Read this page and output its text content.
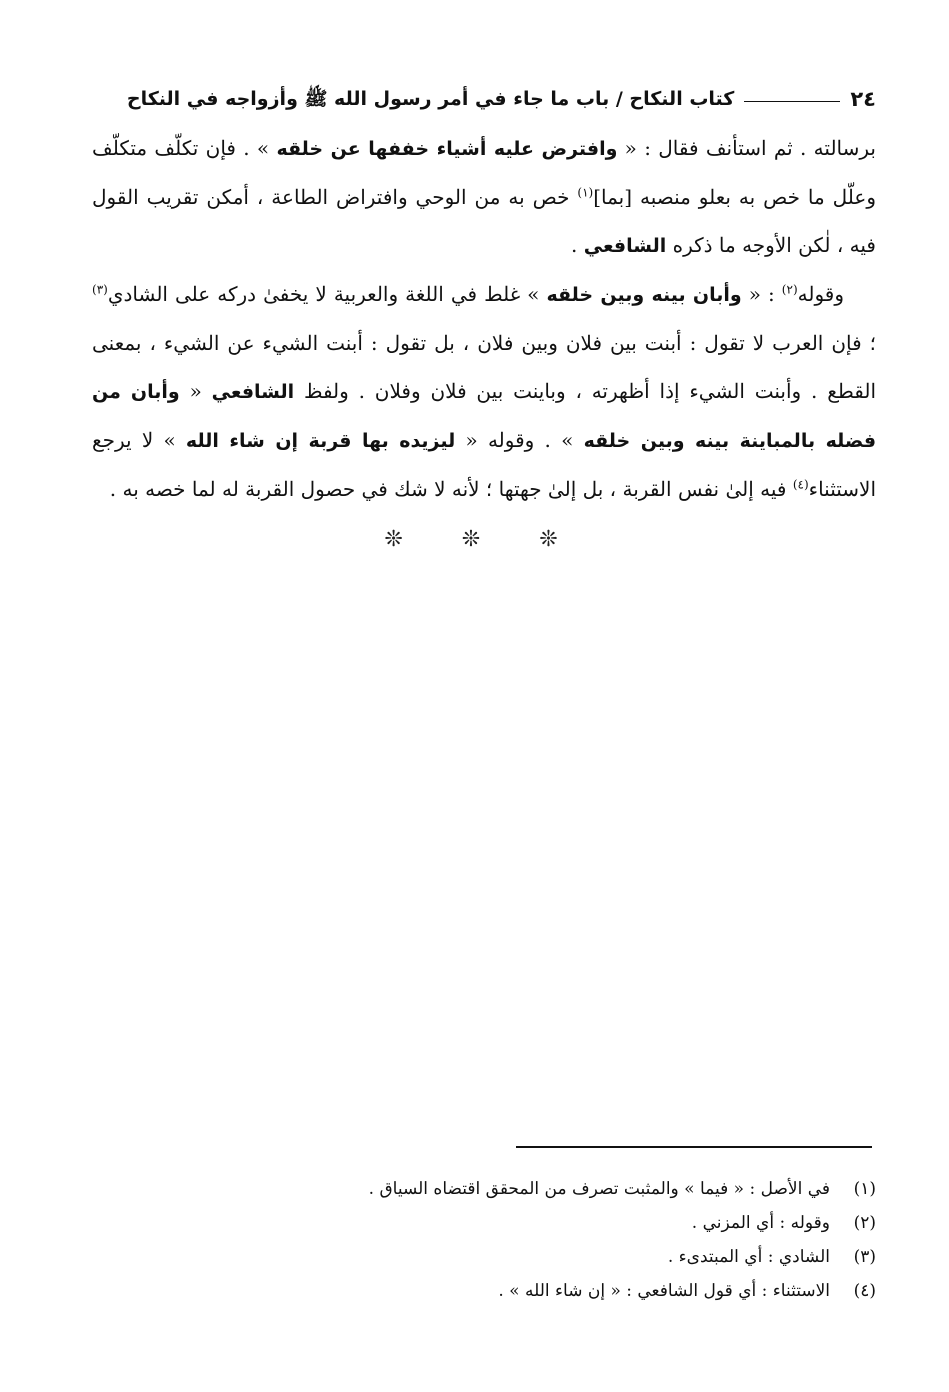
٢٤
كتاب النكاح / باب ما جاء في أمر رسول الله ﷺ وأزواجه في النكاح

برسالته . ثم استأنف فقال : « وافترض عليه أشياء خففها عن خلقه » . فإن تكلّف متكلّف وعلّل ما خص به بعلو منصبه [بما]$^{(١)}$ خص به من الوحي وافتراض الطاعة ، أمكن تقريب القول فيه ، لٰكن الأوجه ما ذكره الشافعي .

وقوله$^{(٢)}$ : « وأبان بينه وبين خلقه » غلط في اللغة والعربية لا يخفىٰ دركه على الشادي$^{(٣)}$ ؛ فإن العرب لا تقول : أبنت بين فلان وبين فلان ، بل تقول : أبنت الشيء عن الشيء ، بمعنى القطع . وأبنت الشيء إذا أظهرته ، وباينت بين فلان وفلان . ولفظ الشافعي « وأبان من فضله بالمباينة بينه وبين خلقه » . وقوله « ليزيده بها قربة إن شاء الله » لا يرجع الاستثناء$^{(٤)}$ فيه إلىٰ نفس القربة ، بل إلىٰ جهتها ؛ لأنه لا شك في حصول القربة له لما خصه به .

❊ ❊ ❊
(١)
في الأصل : « فيما » والمثبت تصرف من المحقق اقتضاه السياق .
(٢)
وقوله : أي المزني .
(٣)
الشادي : أي المبتدىء .
(٤)
الاستثناء : أي قول الشافعي : « إن شاء الله » .
